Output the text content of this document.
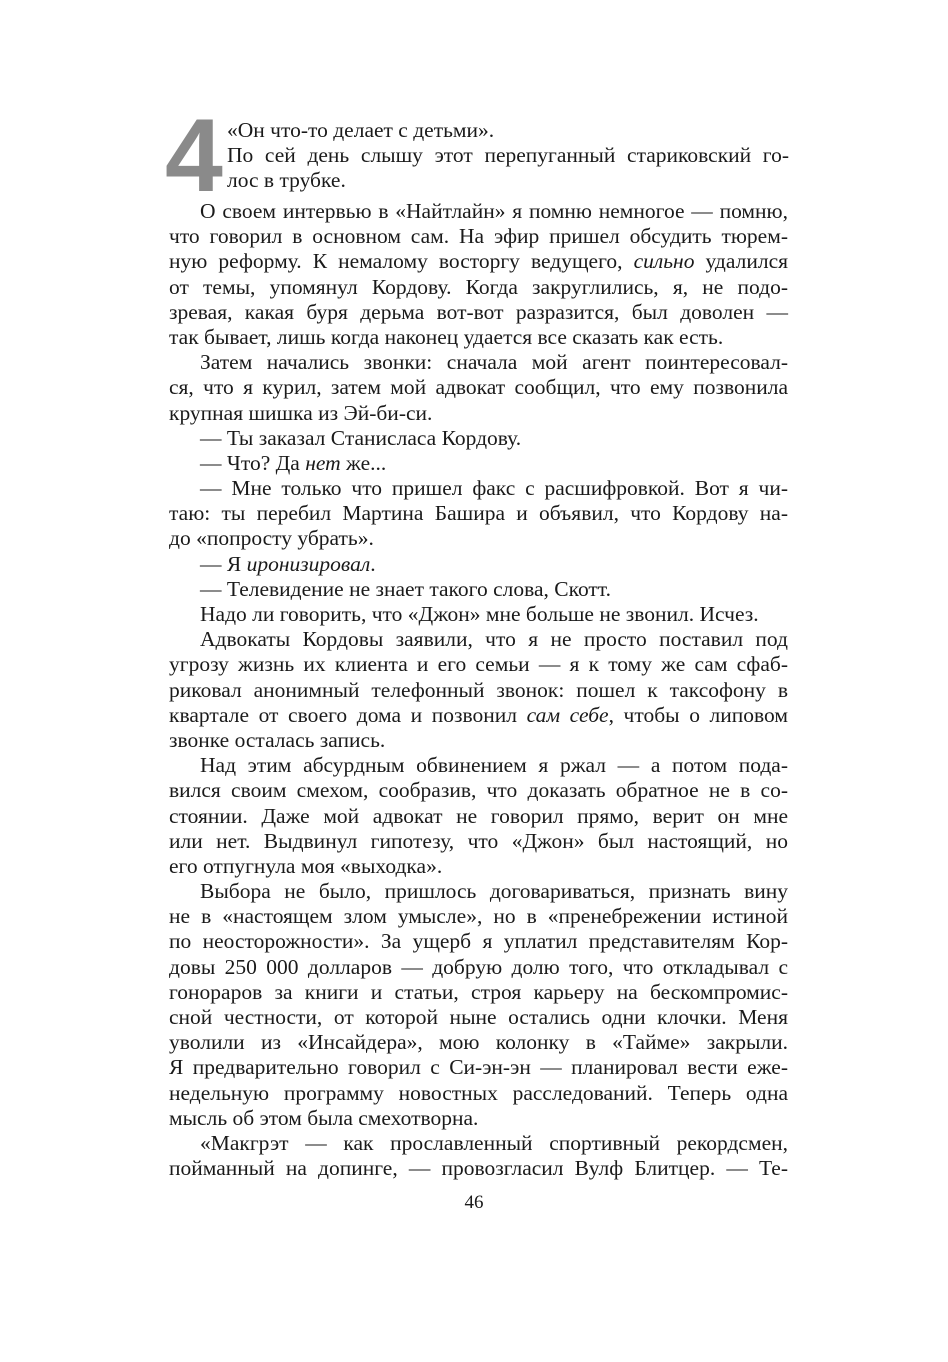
4 «Он что-то делает с детьми».
По сей день слышу этот перепуганный стариковский го-
лос в трубке.
О своем интервью в «Найтлайн» я помню немногое — помню,
что говорил в основном сам. На эфир пришел обсудить тюрем-
ную реформу. К немалому восторгу ведущего, сильно удалился
от темы, упомянул Кордову. Когда закруглились, я, не подо-
зревая, какая буря дерьма вот-вот разразится, был доволен —
так бывает, лишь когда наконец удается все сказать как есть.
Затем начались звонки: сначала мой агент поинтересовал-
ся, что я курил, затем мой адвокат сообщил, что ему позвонила
крупная шишка из Эй-би-си.
— Ты заказал Станисласа Кордову.
— Что? Да нет же...
— Мне только что пришел факс с расшифровкой. Вот я чи-
таю: ты перебил Мартина Башира и объявил, что Кордову на-
до «попросту убрать».
— Я иронизировал.
— Телевидение не знает такого слова, Скотт.
Надо ли говорить, что «Джон» мне больше не звонил. Исчез.
Адвокаты Кордовы заявили, что я не просто поставил под
угрозу жизнь их клиента и его семьи — я к тому же сам сфаб-
риковал анонимный телефонный звонок: пошел к таксофону в
квартале от своего дома и позвонил сам себе, чтобы о липовом
звонке осталась запись.
Над этим абсурдным обвинением я ржал — а потом пода-
вился своим смехом, сообразив, что доказать обратное не в со-
стоянии. Даже мой адвокат не говорил прямо, верит он мне
или нет. Выдвинул гипотезу, что «Джон» был настоящий, но
его отпугнула моя «выходка».
Выбора не было, пришлось договариваться, признать вину
не в «настоящем злом умысле», но в «пренебрежении истиной
по неосторожности». За ущерб я уплатил представителям Кор-
довы 250 000 долларов — добрую долю того, что откладывал с
гонораров за книги и статьи, строя карьеру на бескомпромис-
сной честности, от которой ныне остались одни клочки. Меня
уволили из «Инсайдера», мою колонку в «Тайме» закрыли.
Я предварительно говорил с Си-эн-эн — планировал вести еже-
недельную программу новостных расследований. Теперь одна
мысль об этом была смехотворна.
«Макгрэт — как прославленный спортивный рекордсмен,
пойманный на допинге, — провозгласил Вулф Блитцер. — Те-
46
